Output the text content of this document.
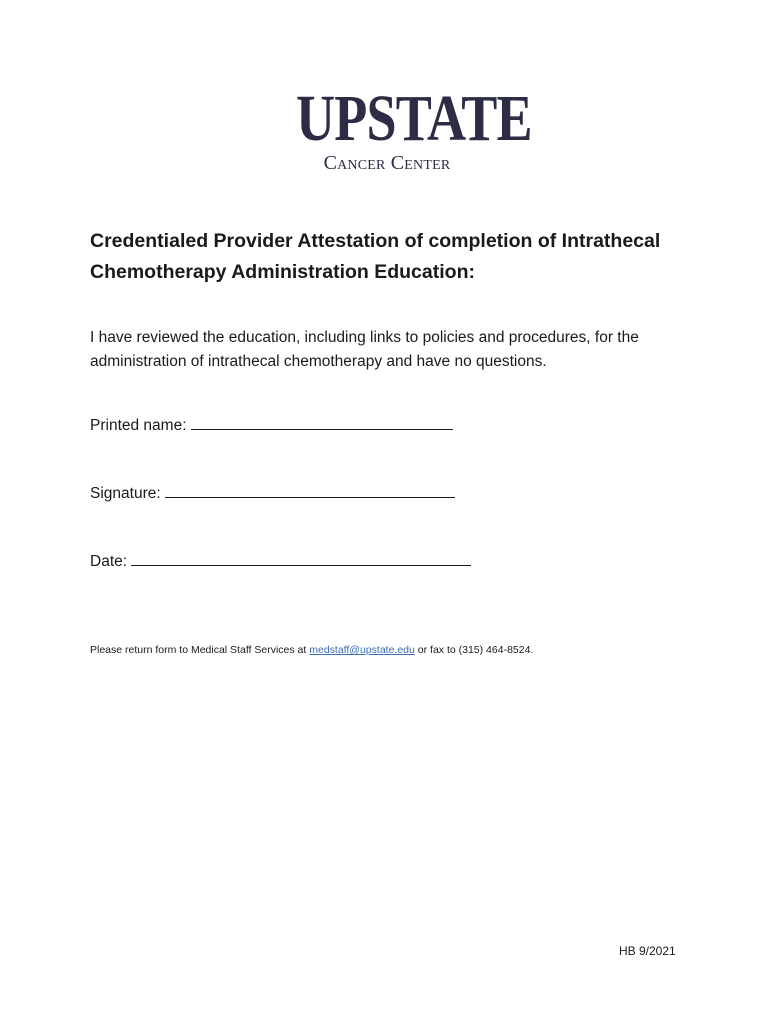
UPSTATE
Cancer Center
Credentialed Provider Attestation of completion of Intrathecal Chemotherapy Administration Education:

I have reviewed the education, including links to policies and procedures, for the administration of intrathecal chemotherapy and have no questions.

Printed name:
Signature:
Date:
Please return form to Medical Staff Services at medstaff@upstate.edu or fax to (315) 464-8524.
HB 9/2021
